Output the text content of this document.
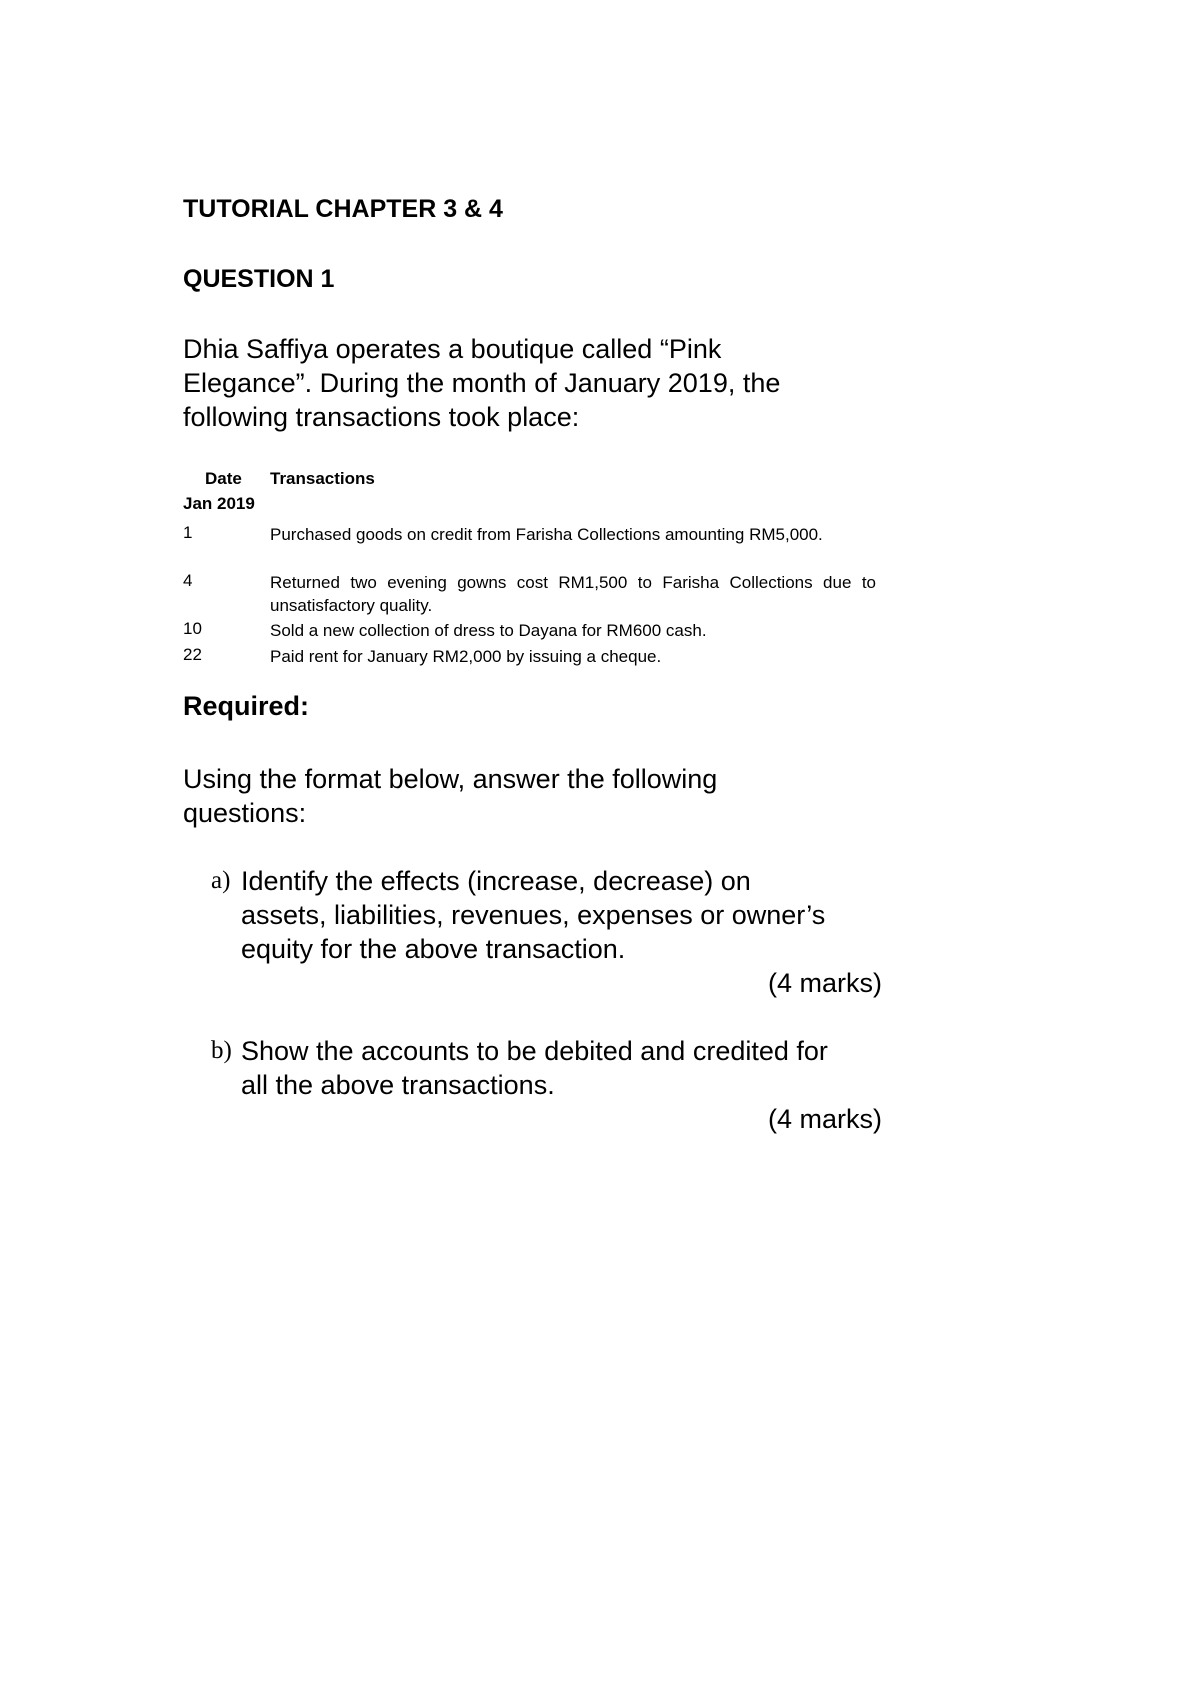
TUTORIAL CHAPTER 3 & 4
QUESTION 1
Dhia Saffiya operates a boutique called “Pink
Elegance”. During the month of January 2019, the
following transactions took place:
Date Transactions
Jan 2019
1	Purchased goods on credit from Farisha Collections amounting RM5,000.
4	Returned two evening gowns cost RM1,500 to Farisha Collections due to unsatisfactory quality.
10	Sold a new collection of dress to Dayana for RM600 cash.
22	Paid rent for January RM2,000 by issuing a cheque.
Required:
Using the format below, answer the following
questions:
a) Identify the effects (increase, decrease) on
assets, liabilities, revenues, expenses or owner’s
equity for the above transaction.
(4 marks)
b) Show the accounts to be debited and credited for
all the above transactions.
(4 marks)
